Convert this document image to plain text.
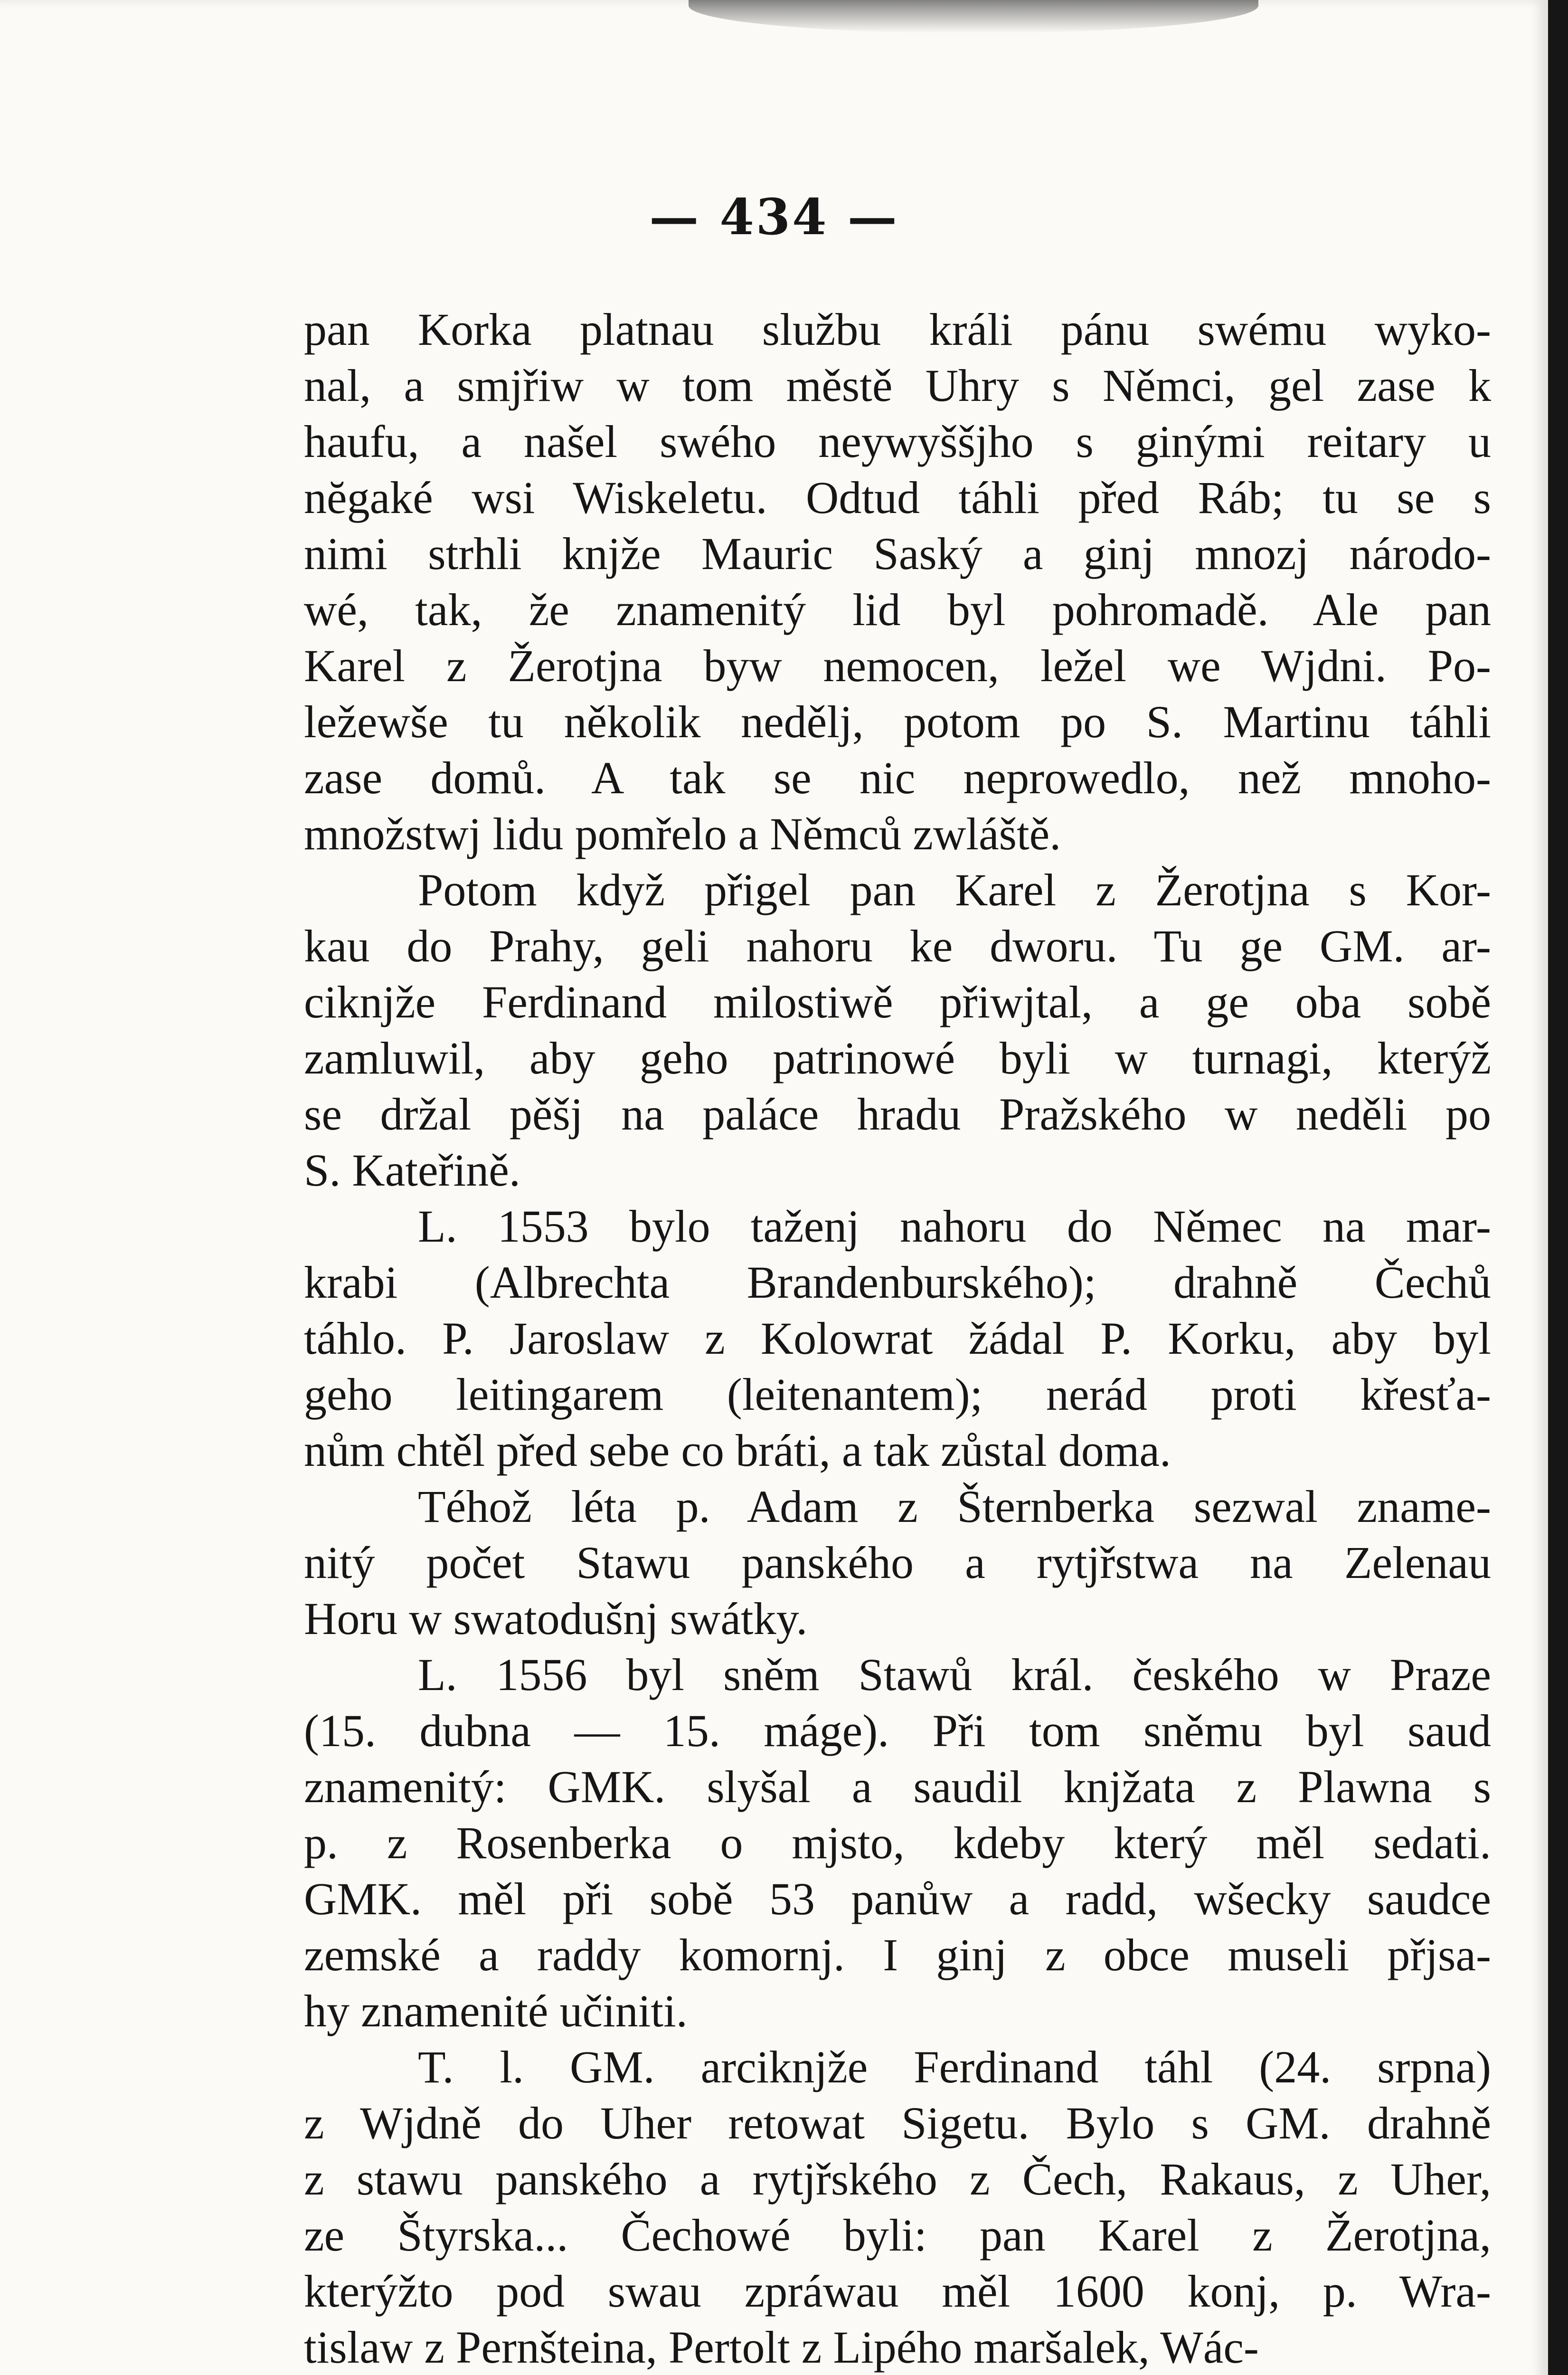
— 434 —
pan Korka platnau službu králi pánu swému wyko-
nal, a smjřiw w tom městě Uhry s Němci, gel zase k
haufu, a našel swého neywyššjho s ginými reitary u
nĕgaké wsi Wiskeletu. Odtud táhli před Ráb; tu se s
nimi strhli knjže Mauric Saský a ginj mnozj národo-
wé, tak, že znamenitý lid byl pohromadě. Ale pan
Karel z Žerotjna byw nemocen, ležel we Wjdni. Po-
ležewše tu několik nedělj, potom po S. Martinu táhli
zase domů. A tak se nic neprowedlo, než mnoho-
množstwj lidu pomřelo a Němců zwláště.
Potom když přigel pan Karel z Žerotjna s Kor-
kau do Prahy, geli nahoru ke dworu. Tu ge GM. ar-
ciknjže Ferdinand milostiwě přiwjtal, a ge oba sobě
zamluwil, aby geho patrinowé byli w turnagi, kterýž
se držal pěšj na paláce hradu Pražského w neděli po
S. Kateřině.
L. 1553 bylo taženj nahoru do Němec na mar-
krabi (Albrechta Brandenburského); drahně Čechů
táhlo. P. Jaroslaw z Kolowrat žádal P. Korku, aby byl
geho leitingarem (leitenantem); nerád proti křesťa-
nům chtěl před sebe co bráti, a tak zůstal doma.
Téhož léta p. Adam z Šternberka sezwal zname-
nitý počet Stawu panského a rytjřstwa na Zelenau
Horu w swatodušnj swátky.
L. 1556 byl sněm Stawů král. českého w Praze
(15. dubna — 15. máge). Při tom sněmu byl saud
znamenitý: GMK. slyšal a saudil knjžata z Plawna s
p. z Rosenberka o mjsto, kdeby který měl sedati.
GMK. měl při sobě 53 panůw a radd, wšecky saudce
zemské a raddy komornj. I ginj z obce museli přjsa-
hy znamenité učiniti.
T. l. GM. arciknjže Ferdinand táhl (24. srpna)
z Wjdně do Uher retowat Sigetu. Bylo s GM. drahně
z stawu panského a rytjřského z Čech, Rakaus, z Uher,
ze Štyrska... Čechowé byli: pan Karel z Žerotjna,
kterýžto pod swau zpráwau měl 1600 konj, p. Wra-
tislaw z Pernšteina, Pertolt z Lipého maršalek, Wác-
